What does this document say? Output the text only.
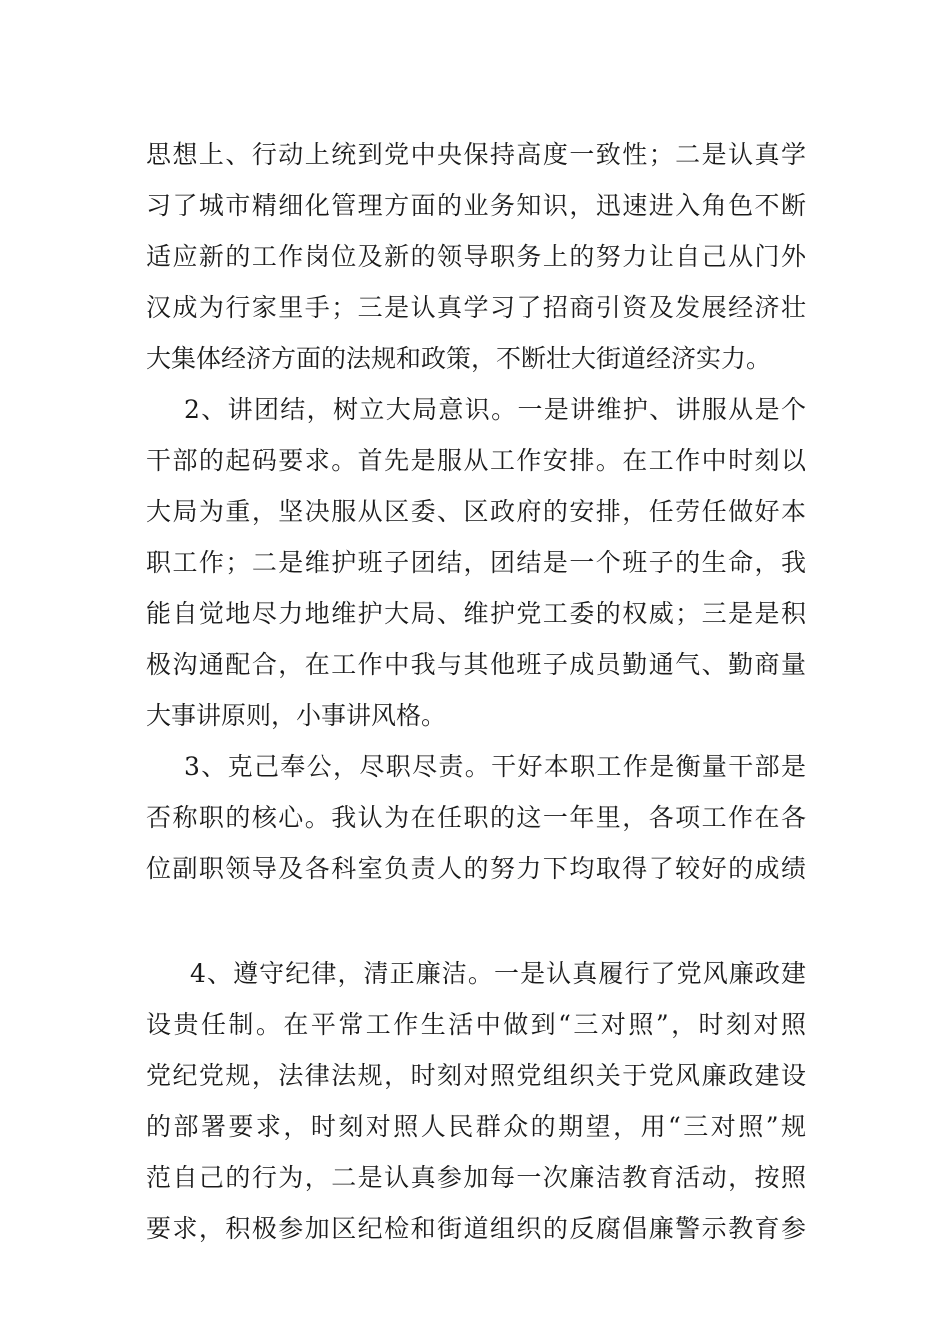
思想上、行动上统到党中央保持高度一致性；二是认真学
习了城市精细化管理方面的业务知识，迅速进入角色不断
适应新的工作岗位及新的领导职务上的努力让自己从门外
汉成为行家里手；三是认真学习了招商引资及发展经济壮
大集体经济方面的法规和政策，不断壮大街道经济实力。
2、讲团结，树立大局意识。一是讲维护、讲服从是个
干部的起码要求。首先是服从工作安排。在工作中时刻以
大局为重，坚决服从区委、区政府的安排，任劳任做好本
职工作；二是维护班子团结，团结是一个班子的生命，我
能自觉地尽力地维护大局、维护党工委的权威；三是是积
极沟通配合，在工作中我与其他班子成员勤通气、勤商量
大事讲原则，小事讲风格。
3、克己奉公，尽职尽责。干好本职工作是衡量干部是
否称职的核心。我认为在任职的这一年里，各项工作在各
位副职领导及各科室负责人的努力下均取得了较好的成绩
4、遵守纪律，清正廉洁。一是认真履行了党风廉政建
设贵任制。在平常工作生活中做到“三对照”，时刻对照
党纪党规，法律法规，时刻对照党组织关于党风廉政建设
的部署要求，时刻对照人民群众的期望，用“三对照”规
范自己的行为，二是认真参加每一次廉洁教育活动，按照
要求，积极参加区纪检和街道组织的反腐倡廉警示教育参
